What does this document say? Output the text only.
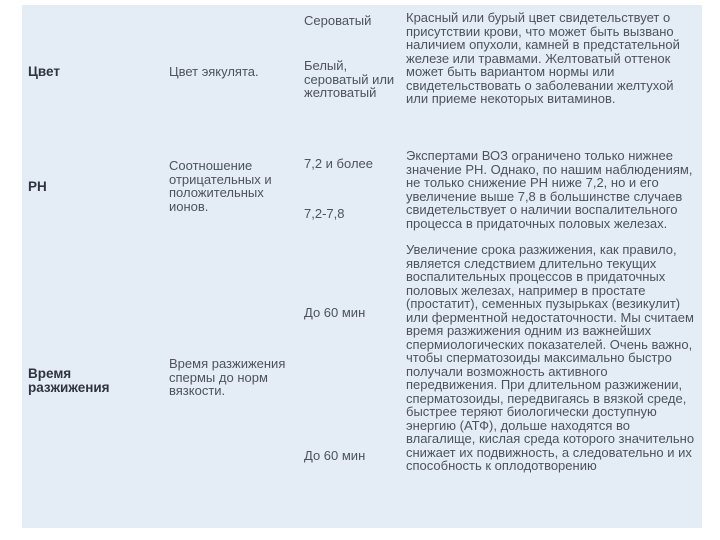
Цвет	Цвет эякулята.
Сероватый
Белый, сероватый или желтоватый
Красный или бурый цвет свидетельствует о присутствии крови, что может быть вызвано наличием опухоли, камней в предстательной железе или травмами. Желтоватый оттенок может быть вариантом нормы или свидетельствовать о заболевании желтухой или приеме некоторых витаминов.
PH
Соотношение отрицательных и положительных ионов.
7,2 и более
7,2-7,8
Экспертами ВОЗ ограничено только нижнее значение PH. Однако, по нашим наблюдениям, не только снижение PH ниже 7,2, но и его увеличение выше 7,8 в большинстве случаев свидетельствует о наличии воспалительного процесса в придаточных половых железах.
Время разжижения
Время разжижения спермы до норм вязкости.
До 60 мин
До 60 мин
Увеличение срока разжижения, как правило, является следствием длительно текущих воспалительных процессов в придаточных половых железах, например в простате (простатит), семенных пузырьках (везикулит) или ферментной недостаточности. Мы считаем время разжижения одним из важнейших спермиологических показателей. Очень важно, чтобы сперматозоиды максимально быстро получали возможность активного передвижения. При длительном разжижении, сперматозоиды, передвигаясь в вязкой среде, быстрее теряют биологически доступную энергию (АТФ), дольше находятся во влагалище, кислая среда которого значительно снижает их подвижность, а следовательно и их способность к оплодотворению
